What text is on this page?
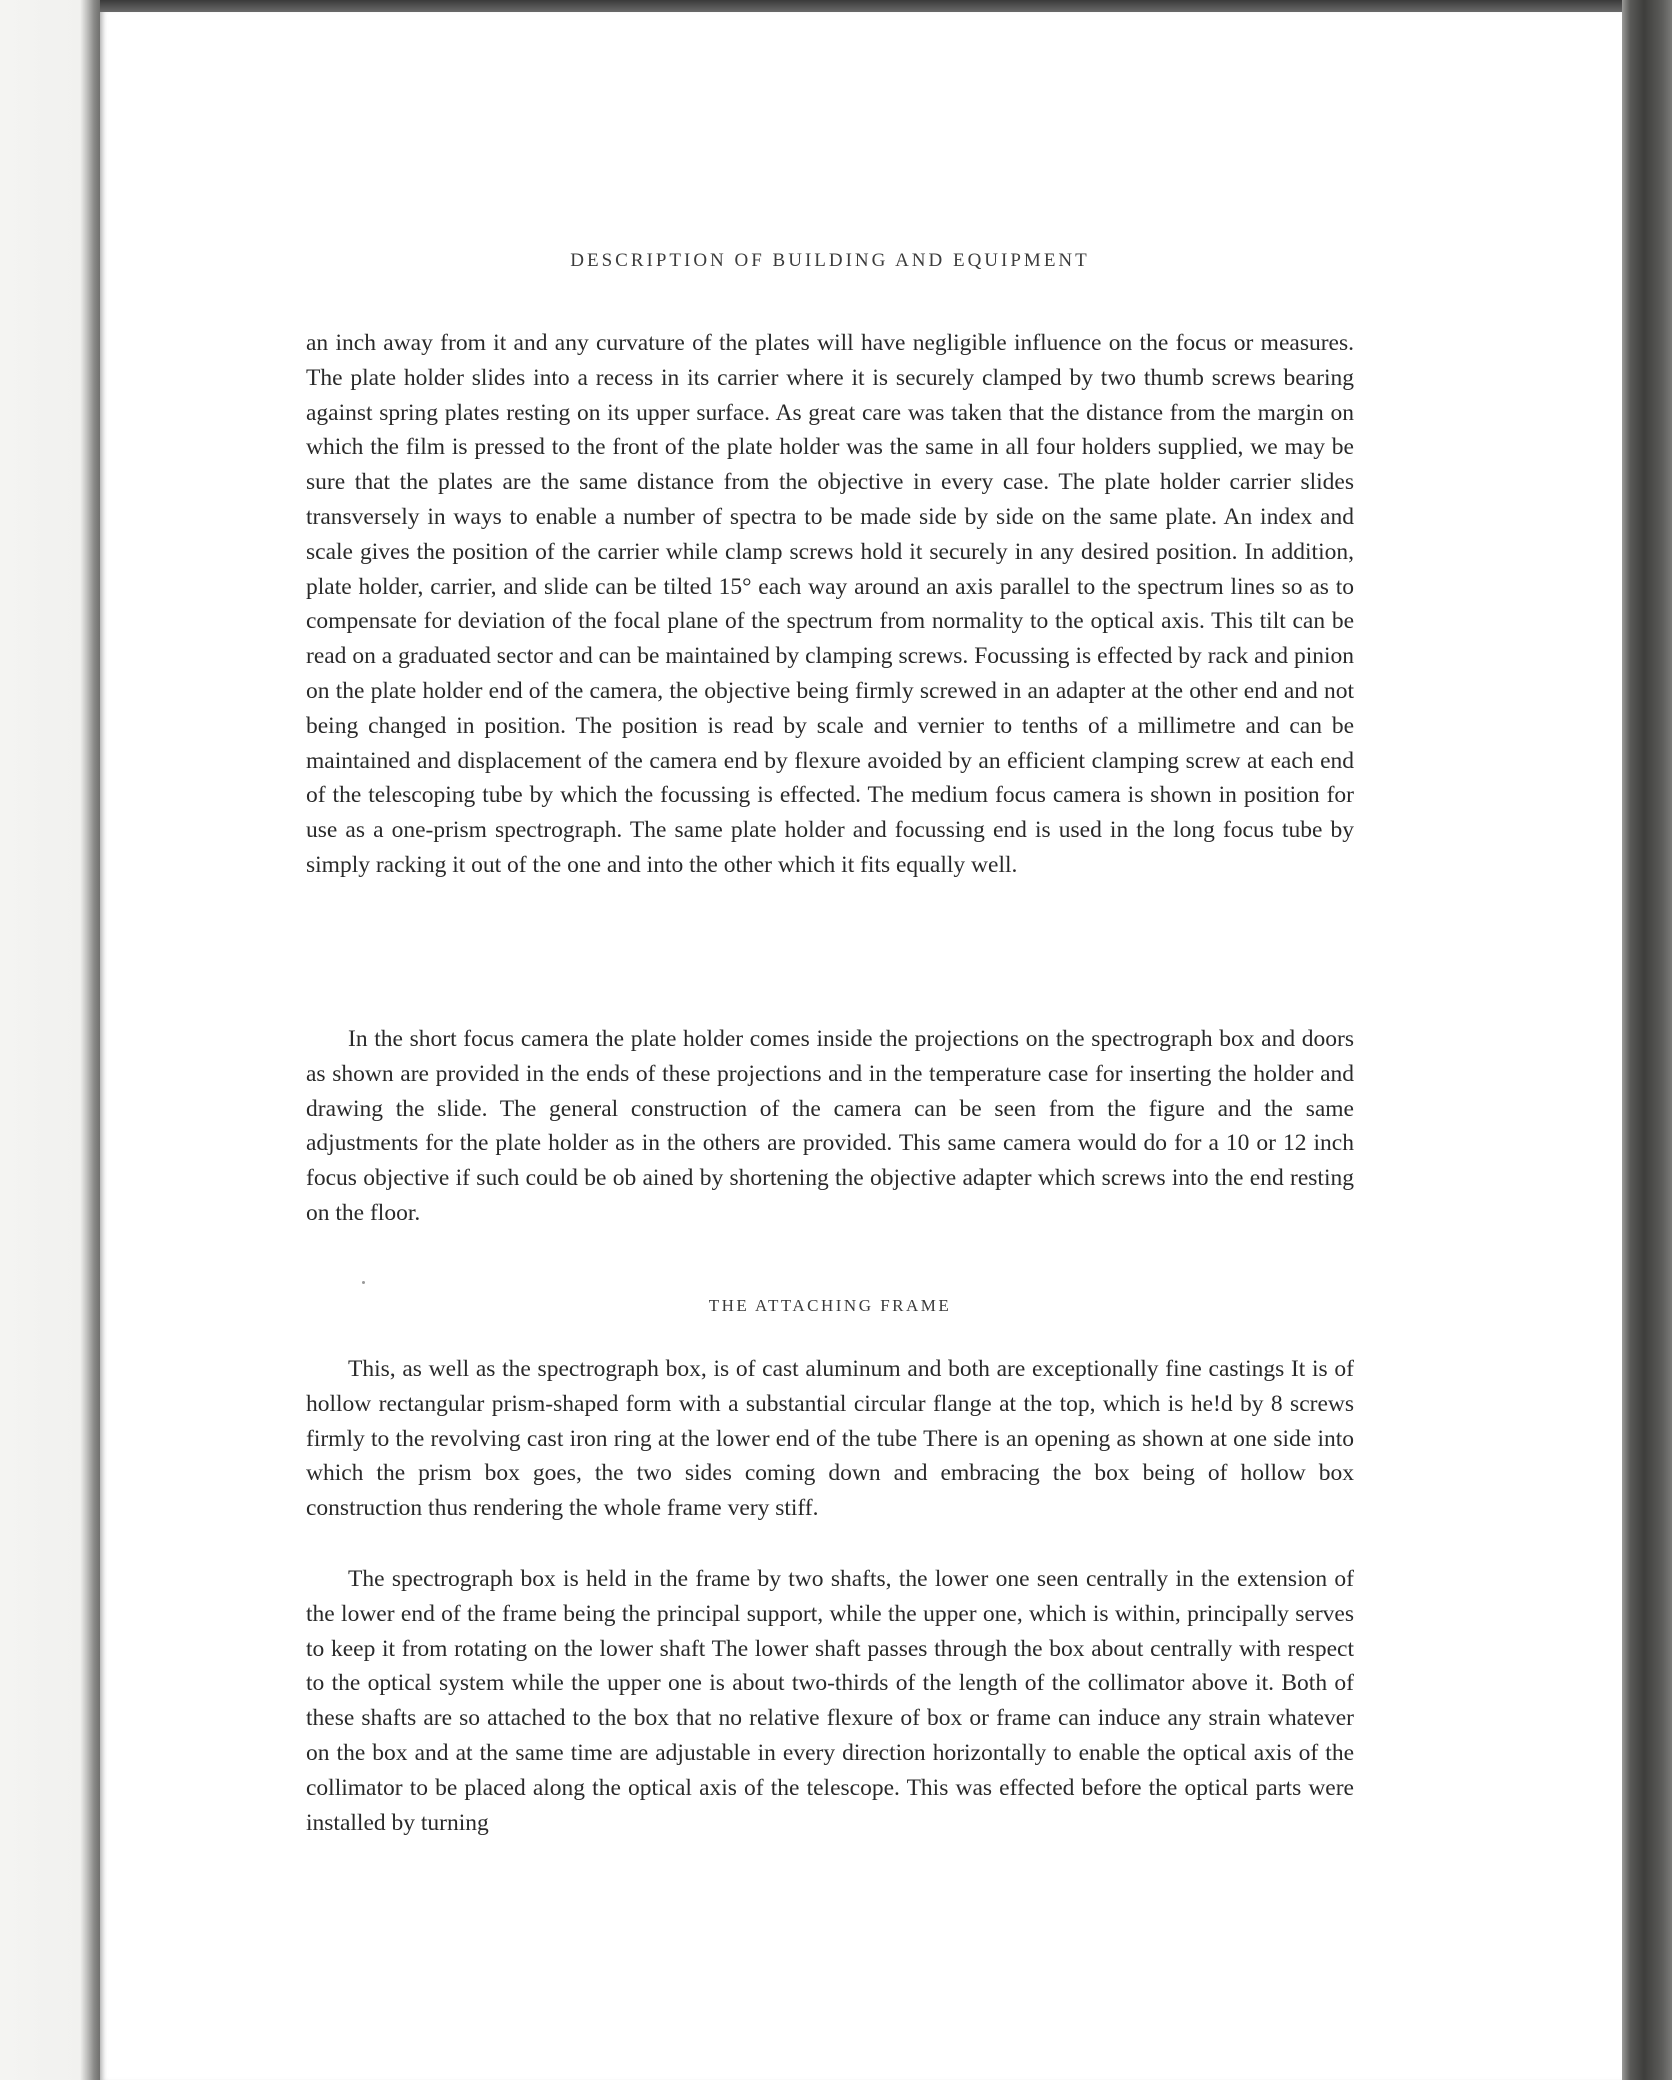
DESCRIPTION OF BUILDING AND EQUIPMENT

an inch away from it and any curvature of the plates will have negligible influence on the focus or measures. The plate holder slides into a recess in its carrier where it is securely clamped by two thumb screws bearing against spring plates resting on its upper surface. As great care was taken that the distance from the margin on which the film is pressed to the front of the plate holder was the same in all four holders supplied, we may be sure that the plates are the same distance from the objective in every case. The plate holder carrier slides transversely in ways to enable a number of spectra to be made side by side on the same plate. An index and scale gives the position of the carrier while clamp screws hold it securely in any desired position. In addition, plate holder, carrier, and slide can be tilted 15° each way around an axis parallel to the spectrum lines so as to compensate for deviation of the focal plane of the spectrum from normality to the optical axis. This tilt can be read on a graduated sector and can be maintained by clamping screws. Focussing is effected by rack and pinion on the plate holder end of the camera, the objective being firmly screwed in an adapter at the other end and not being changed in position. The position is read by scale and vernier to tenths of a millimetre and can be maintained and displacement of the camera end by flexure avoided by an efficient clamping screw at each end of the telescoping tube by which the focussing is effected. The medium focus camera is shown in position for use as a one-prism spectrograph. The same plate holder and focussing end is used in the long focus tube by simply racking it out of the one and into the other which it fits equally well.

In the short focus camera the plate holder comes inside the projections on the spectrograph box and doors as shown are provided in the ends of these projections and in the temperature case for inserting the holder and drawing the slide. The general construction of the camera can be seen from the figure and the same adjustments for the plate holder as in the others are provided. This same camera would do for a 10 or 12 inch focus objective if such could be ob ained by shortening the objective adapter which screws into the end resting on the floor.

THE ATTACHING FRAME

This, as well as the spectrograph box, is of cast aluminum and both are exceptionally fine castings It is of hollow rectangular prism-shaped form with a substantial circular flange at the top, which is he!d by 8 screws firmly to the revolving cast iron ring at the lower end of the tube There is an opening as shown at one side into which the prism box goes, the two sides coming down and embracing the box being of hollow box construction thus rendering the whole frame very stiff.

The spectrograph box is held in the frame by two shafts, the lower one seen centrally in the extension of the lower end of the frame being the principal support, while the upper one, which is within, principally serves to keep it from rotating on the lower shaft The lower shaft passes through the box about centrally with respect to the optical system while the upper one is about two-thirds of the length of the collimator above it. Both of these shafts are so attached to the box that no relative flexure of box or frame can induce any strain whatever on the box and at the same time are adjustable in every direction horizontally to enable the optical axis of the collimator to be placed along the optical axis of the telescope. This was effected before the optical parts were installed by turning
